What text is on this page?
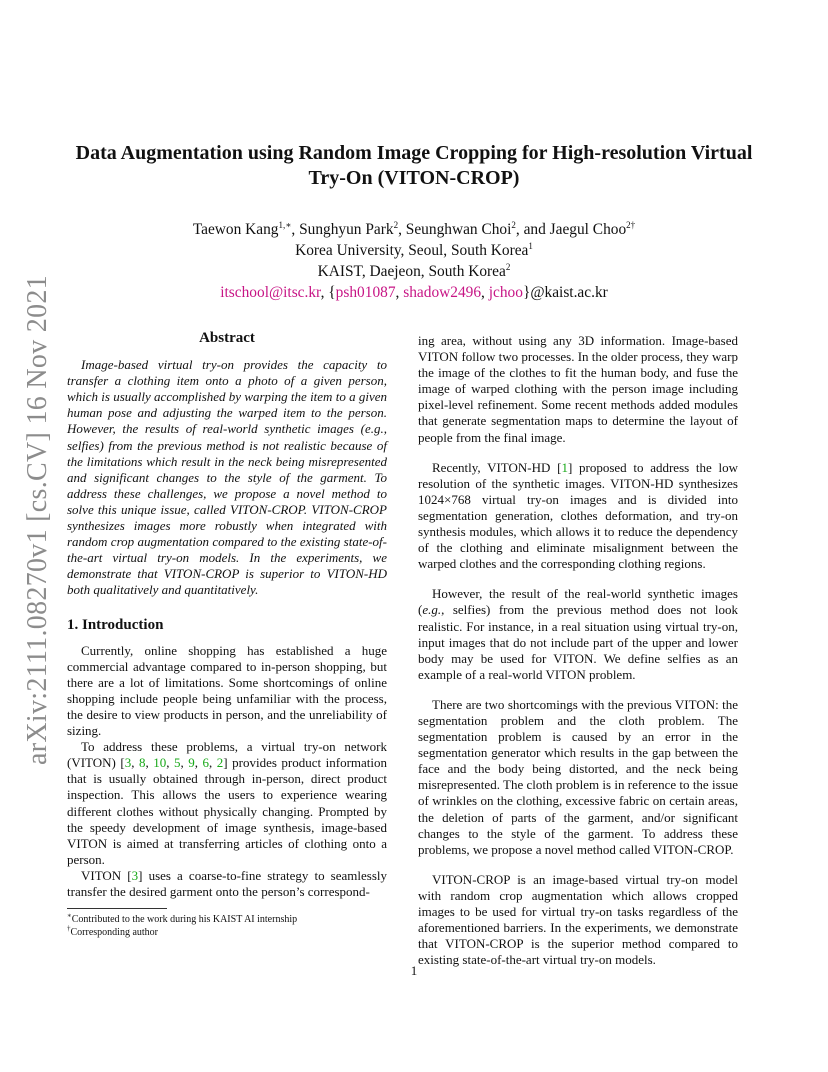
arXiv:2111.08270v1 [cs.CV] 16 Nov 2021
Data Augmentation using Random Image Cropping for High-resolution Virtual
Try-On (VITON-CROP)
Taewon Kang$^{1,∗}$, Sunghyun Park$^2$, Seunghwan Choi$^2$, and Jaegul Choo$^{2\dagger}$
Korea University, Seoul, South Korea$^1$
KAIST, Daejeon, South Korea$^2$
itschool@itsc.kr, {psh01087, shadow2496, jchoo}@kaist.ac.kr
Abstract

Image-based virtual try-on provides the capacity to transfer a clothing item onto a photo of a given person, which is usually accomplished by warping the item to a given human pose and adjusting the warped item to the person. However, the results of real-world synthetic images (e.g., selfies) from the previous method is not realistic because of the limitations which result in the neck being misrepresented and significant changes to the style of the garment. To address these challenges, we propose a novel method to solve this unique issue, called VITON-CROP. VITON-CROP synthesizes images more robustly when integrated with random crop augmentation compared to the existing state-of-the-art virtual try-on models. In the experiments, we demonstrate that VITON-CROP is superior to VITON-HD both qualitatively and quantitatively.

1. Introduction

Currently, online shopping has established a huge commercial advantage compared to in-person shopping, but there are a lot of limitations. Some shortcomings of online shopping include people being unfamiliar with the process, the desire to view products in person, and the unreliability of sizing.

To address these problems, a virtual try-on network (VITON) [3, 8, 10, 5, 9, 6, 2] provides product information that is usually obtained through in-person, direct product inspection. This allows the users to experience wearing different clothes without physically changing. Prompted by the speedy development of image synthesis, image-based VITON is aimed at transferring articles of clothing onto a person.

VITON [3] uses a coarse-to-fine strategy to seamlessly transfer the desired garment onto the person’s correspond-

∗Contributed to the work during his KAIST AI internship
†Corresponding author

ing area, without using any 3D information. Image-based VITON follow two processes. In the older process, they warp the image of the clothes to fit the human body, and fuse the image of warped clothing with the person image including pixel-level refinement. Some recent methods added modules that generate segmentation maps to determine the layout of people from the final image.

Recently, VITON-HD [1] proposed to address the low resolution of the synthetic images. VITON-HD synthesizes 1024×768 virtual try-on images and is divided into segmentation generation, clothes deformation, and try-on synthesis modules, which allows it to reduce the dependency of the clothing and eliminate misalignment between the warped clothes and the corresponding clothing regions.

However, the result of the real-world synthetic images (e.g., selfies) from the previous method does not look realistic. For instance, in a real situation using virtual try-on, input images that do not include part of the upper and lower body may be used for VITON. We define selfies as an example of a real-world VITON problem.

There are two shortcomings with the previous VITON: the segmentation problem and the cloth problem. The segmentation problem is caused by an error in the segmentation generator which results in the gap between the face and the body being distorted, and the neck being misrepresented. The cloth problem is in reference to the issue of wrinkles on the clothing, excessive fabric on certain areas, the deletion of parts of the garment, and/or significant changes to the style of the garment. To address these problems, we propose a novel method called VITON-CROP.

VITON-CROP is an image-based virtual try-on model with random crop augmentation which allows cropped images to be used for virtual try-on tasks regardless of the aforementioned barriers. In the experiments, we demonstrate that VITON-CROP is the superior method compared to existing state-of-the-art virtual try-on models.

1
